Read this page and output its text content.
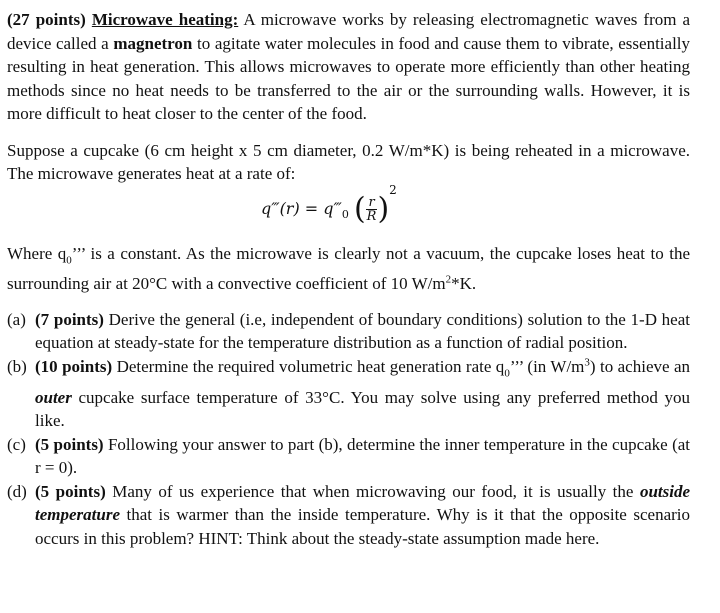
(27 points) Microwave heating: A microwave works by releasing electromagnetic waves from a device called a magnetron to agitate water molecules in food and cause them to vibrate, essentially resulting in heat generation. This allows microwaves to operate more efficiently than other heating methods since no heat needs to be transferred to the air or the surrounding walls. However, it is more difficult to heat closer to the center of the food.

Suppose a cupcake (6 cm height x 5 cm diameter, 0.2 W/m*K) is being reheated in a microwave. The microwave generates heat at a rate of:

q‴(r) = $q‴_0$ ( $\frac{r}{R} )^2$

Where $q_0$’’’ is a constant. As the microwave is clearly not a vacuum, the cupcake loses heat to the surrounding air at 20°C with a convective coefficient of 10 $W/m^2*K$.

(a) (7 points) Derive the general (i.e, independent of boundary conditions) solution to the 1-D heat equation at steady-state for the temperature distribution as a function of radial position.
(b) (10 points) Determine the required volumetric heat generation rate $q_0$’’’ (in $W/m^3$) to achieve an outer cupcake surface temperature of 33°C. You may solve using any preferred method you like.
(c) (5 points) Following your answer to part (b), determine the inner temperature in the cupcake (at r = 0).
(d) (5 points) Many of us experience that when microwaving our food, it is usually the outside temperature that is warmer than the inside temperature. Why is it that the opposite scenario occurs in this problem? HINT: Think about the steady-state assumption made here.
